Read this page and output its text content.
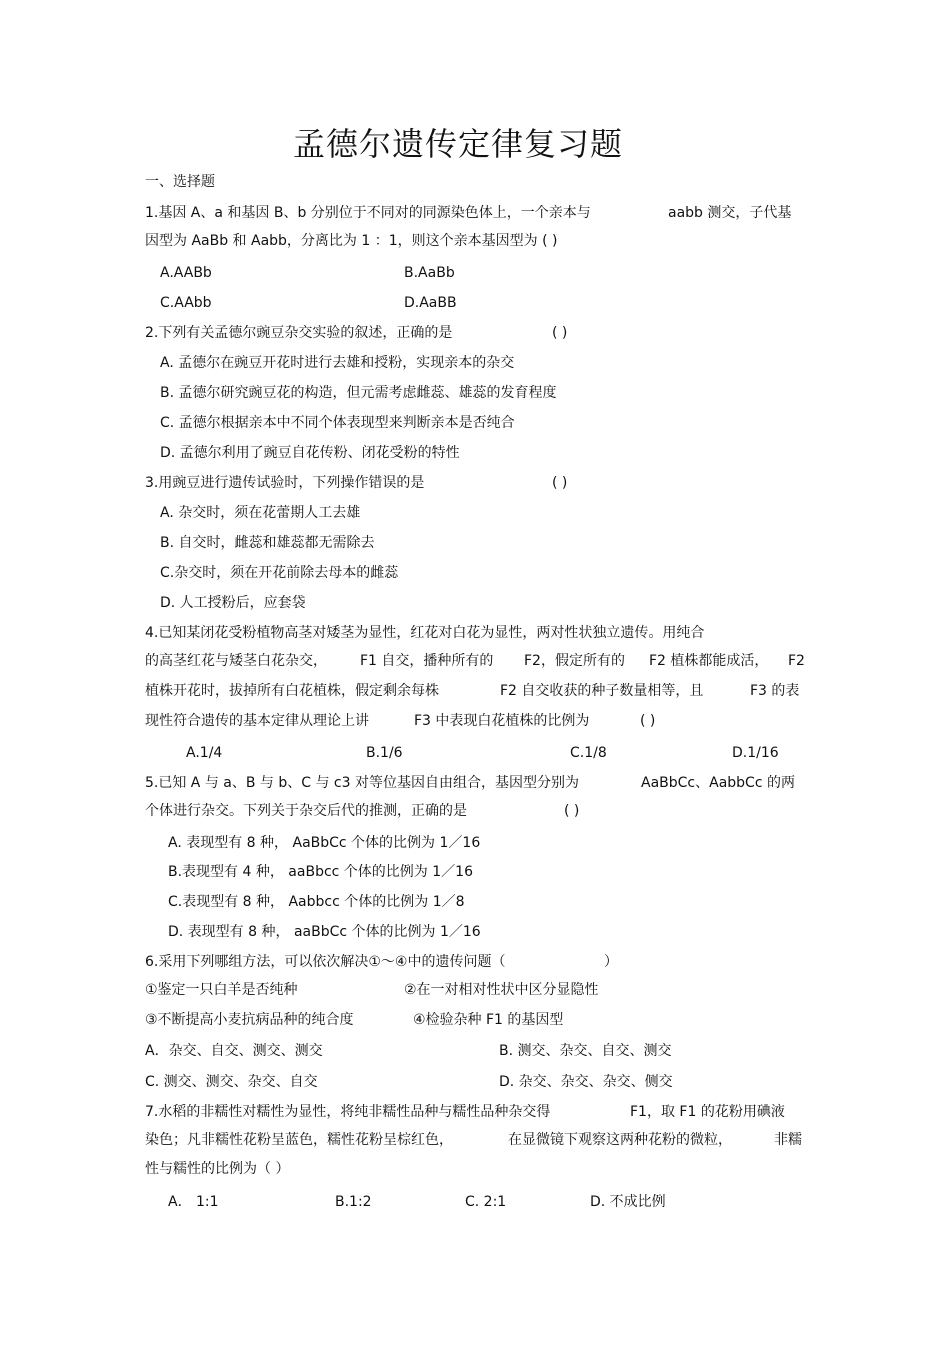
孟德尔遗传定律复习题
一、选择题
1.基因 A、a 和基因 B、b 分别位于不同对的同源染色体上，一个亲本与	aabb 测交，子代基
因型为 AaBb 和 Aabb，分离比为 1 ：1，则这个亲本基因型为 ( )
A.AABb	B.AaBb
C.AAbb	D.AaBB
2.下列有关孟德尔豌豆杂交实验的叙述，正确的是	( )
A. 孟德尔在豌豆开花时进行去雄和授粉，实现亲本的杂交
B. 孟德尔研究豌豆花的构造，但元需考虑雌蕊、雄蕊的发育程度
C. 孟德尔根据亲本中不同个体表现型来判断亲本是否纯合
D. 孟德尔利用了豌豆自花传粉、闭花受粉的特性
3.用豌豆进行遗传试验时，下列操作错误的是	( )
A. 杂交时，须在花蕾期人工去雄
B. 自交时，雌蕊和雄蕊都无需除去
C.杂交时，须在开花前除去母本的雌蕊
D. 人工授粉后，应套袋
4.已知某闭花受粉植物高茎对矮茎为显性，红花对白花为显性，两对性状独立遗传。用纯合
的高茎红花与矮茎白花杂交， F1 自交，播种所有的 F2，假定所有的 F2 植株都能成活， F2
植株开花时，拔掉所有白花植株，假定剩余每株	F2 自交收获的种子数量相等，且	F3 的表
现性符合遗传的基本定律从理论上讲	F3 中表现白花植株的比例为	( )
A.1/4	B.1/6	C.1/8	D.1/16
5.已知 A 与 a、B 与 b、C 与 c3 对等位基因自由组合，基因型分别为	AaBbCc、AabbCc 的两
个体进行杂交。下列关于杂交后代的推测，正确的是	( )
A. 表现型有 8 种， AaBbCc 个体的比例为 1／16
B.表现型有 4 种， aaBbcc 个体的比例为 1／16
C.表现型有 8 种， Aabbcc 个体的比例为 1／8
D. 表现型有 8 种， aaBbCc 个体的比例为 1／16
6.采用下列哪组方法，可以依次解决①～④中的遗传问题（	）
①鉴定一只白羊是否纯种	②在一对相对性状中区分显隐性
③不断提高小麦抗病品种的纯合度	④检验杂种 F1 的基因型
A．杂交、自交、测交、测交	B. 测交、杂交、自交、测交
C. 测交、测交、杂交、自交	D. 杂交、杂交、杂交、侧交
7.水稻的非糯性对糯性为显性，将纯非糯性品种与糯性品种杂交得	F1，取 F1 的花粉用碘液
染色；凡非糯性花粉呈蓝色，糯性花粉呈棕红色，	在显微镜下观察这两种花粉的微粒，	非糯
性与糯性的比例为（ ）
A． 1:1	B.1:2	C. 2:1	D. 不成比例
